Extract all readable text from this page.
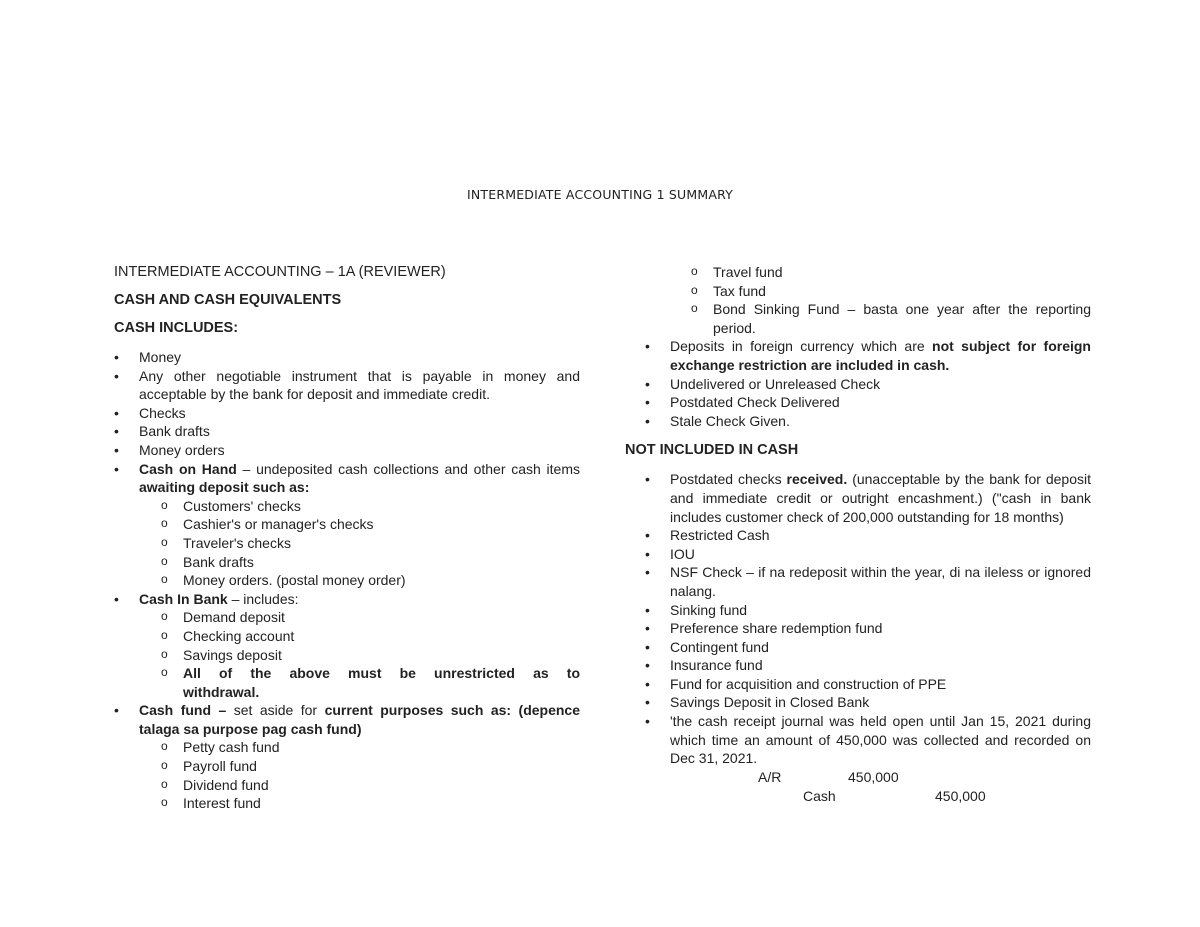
INTERMEDIATE ACCOUNTING 1 SUMMARY

INTERMEDIATE ACCOUNTING – 1A (REVIEWER)

CASH AND CASH EQUIVALENTS

CASH INCLUDES:

• Money
• Any other negotiable instrument that is payable in money and acceptable by the bank for deposit and immediate credit.
• Checks
• Bank drafts
• Money orders
• Cash on Hand – undeposited cash collections and other cash items awaiting deposit such as:
o Customers' checks
o Cashier's or manager's checks
o Traveler's checks
o Bank drafts
o Money orders. (postal money order)
• Cash In Bank – includes:
o Demand deposit
o Checking account
o Savings deposit
o All of the above must be unrestricted as to withdrawal.
• Cash fund – set aside for current purposes such as: (depence talaga sa purpose pag cash fund)
o Petty cash fund
o Payroll fund
o Dividend fund
o Interest fund
o Travel fund
o Tax fund
o Bond Sinking Fund – basta one year after the reporting period.
• Deposits in foreign currency which are not subject for foreign exchange restriction are included in cash.
• Undelivered or Unreleased Check
• Postdated Check Delivered
• Stale Check Given.

NOT INCLUDED IN CASH

• Postdated checks received. (unacceptable by the bank for deposit and immediate credit or outright encashment.) ("cash in bank includes customer check of 200,000 outstanding for 18 months)
• Restricted Cash
• IOU
• NSF Check – if na redeposit within the year, di na ileless or ignored nalang.
• Sinking fund
• Preference share redemption fund
• Contingent fund
• Insurance fund
• Fund for acquisition and construction of PPE
• Savings Deposit in Closed Bank
• 'the cash receipt journal was held open until Jan 15, 2021 during which time an amount of 450,000 was collected and recorded on Dec 31, 2021.
A/R	450,000
Cash	450,000
